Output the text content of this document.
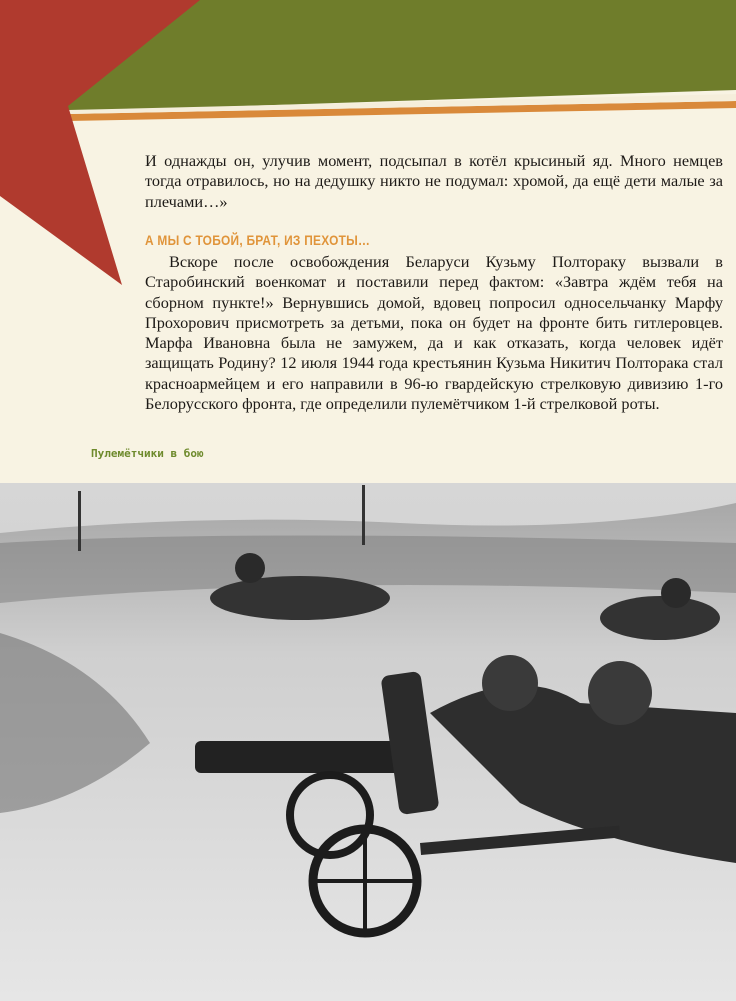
И однажды он, улучив момент, подсыпал в котёл крысиный яд. Много немцев тогда отравилось, но на дедушку никто не подумал: хромой, да ещё дети малые за плечами…»

А МЫ С ТОБОЙ, БРАТ, ИЗ ПЕХОТЫ…

Вскоре после освобождения Беларуси Кузьму Полтораку вызвали в Старобинский военкомат и поставили перед фактом: «Завтра ждём тебя на сборном пункте!» Вернувшись домой, вдовец попросил односельчанку Марфу Прохорович присмотреть за детьми, пока он будет на фронте бить гитлеровцев. Марфа Ивановна была не замужем, да и как отказать, когда человек идёт защищать Родину? 12 июля 1944 года крестьянин Кузьма Никитич Полторака стал красноармейцем и его направили в 96-ю гвардейскую стрелковую дивизию 1-го Белорусского фронта, где определили пулемётчиком 1-й стрелковой роты.

Пулемётчики в бою
